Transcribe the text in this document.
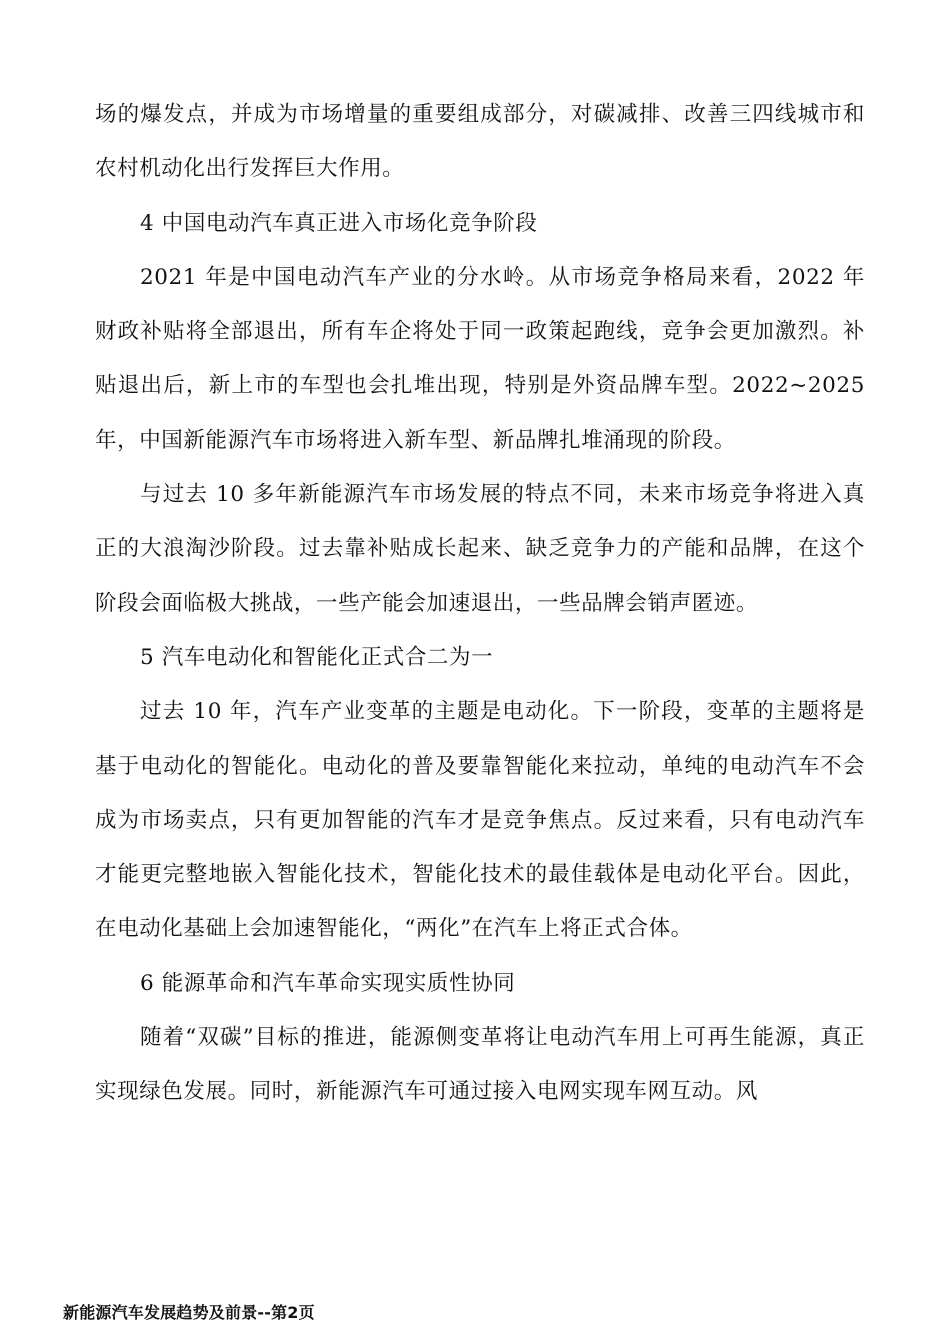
场的爆发点，并成为市场增量的重要组成部分，对碳减排、改善三四线城市和农村机动化出行发挥巨大作用。

4 中国电动汽车真正进入市场化竞争阶段

2021 年是中国电动汽车产业的分水岭。从市场竞争格局来看，2022 年财政补贴将全部退出，所有车企将处于同一政策起跑线，竞争会更加激烈。补贴退出后，新上市的车型也会扎堆出现，特别是外资品牌车型。2022~2025 年，中国新能源汽车市场将进入新车型、新品牌扎堆涌现的阶段。

与过去 10 多年新能源汽车市场发展的特点不同，未来市场竞争将进入真正的大浪淘沙阶段。过去靠补贴成长起来、缺乏竞争力的产能和品牌，在这个阶段会面临极大挑战，一些产能会加速退出，一些品牌会销声匿迹。

5 汽车电动化和智能化正式合二为一

过去 10 年，汽车产业变革的主题是电动化。下一阶段，变革的主题将是基于电动化的智能化。电动化的普及要靠智能化来拉动，单纯的电动汽车不会成为市场卖点，只有更加智能的汽车才是竞争焦点。反过来看，只有电动汽车才能更完整地嵌入智能化技术，智能化技术的最佳载体是电动化平台。因此，在电动化基础上会加速智能化，“两化”在汽车上将正式合体。

6 能源革命和汽车革命实现实质性协同

随着“双碳”目标的推进，能源侧变革将让电动汽车用上可再生能源，真正实现绿色发展。同时，新能源汽车可通过接入电网实现车网互动。风

新能源汽车发展趋势及前景--第2页
